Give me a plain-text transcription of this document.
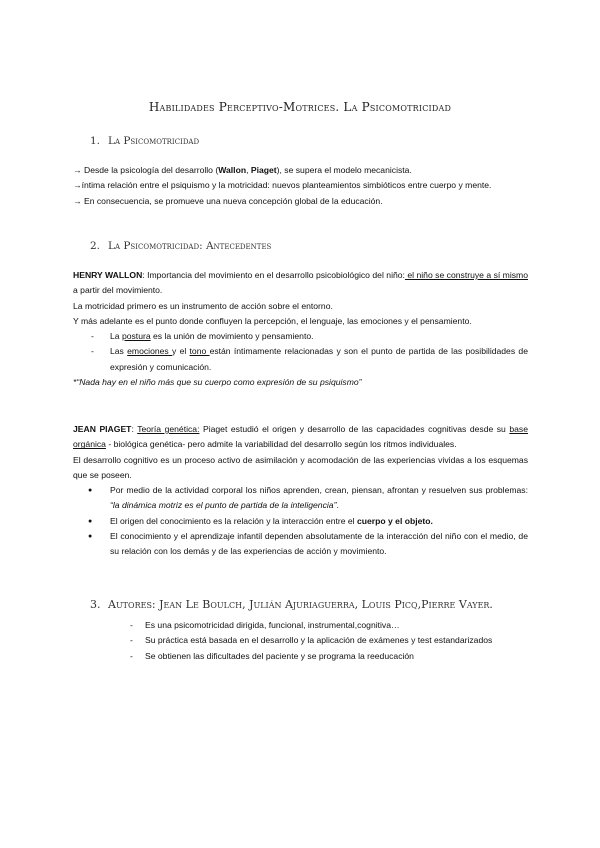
Habilidades Perceptivo-Motrices. La Psicomotricidad
1. La Psicomotricidad

→ Desde la psicología del desarrollo (Wallon, Piaget), se supera el modelo mecanicista.

→íntima relación entre el psiquismo y la motricidad: nuevos planteamientos simbióticos entre cuerpo y mente.

→ En consecuencia, se promueve una nueva concepción global de la educación.

2. La Psicomotricidad: Antecedentes

HENRY WALLON: Importancia del movimiento en el desarrollo psicobiológico del niño: el niño se construye a sí mismo a partir del movimiento.

La motricidad primero es un instrumento de acción sobre el entorno.

Y más adelante es el punto donde confluyen la percepción, el lenguaje, las emociones y el pensamiento.

- La postura es la unión de movimiento y pensamiento.
- Las emociones y el tono están íntimamente relacionadas y son el punto de partida de las posibilidades de expresión y comunicación.

*“Nada hay en el niño más que su cuerpo como expresión de su psiquismo”

JEAN PIAGET: Teoría genética: Piaget estudió el origen y desarrollo de las capacidades cognitivas desde su base orgánica - biológica genética- pero admite la variabilidad del desarrollo según los ritmos individuales.

El desarrollo cognitivo es un proceso activo de asimilación y acomodación de las experiencias vividas a los esquemas que se poseen.

● Por medio de la actividad corporal los niños aprenden, crean, piensan, afrontan y resuelven sus problemas: “la dinámica motriz es el punto de partida de la inteligencia”.
● El origen del conocimiento es la relación y la interacción entre el cuerpo y el objeto.
● El conocimiento y el aprendizaje infantil dependen absolutamente de la interacción del niño con el medio, de su relación con los demás y de las experiencias de acción y movimiento.
3. Autores: Jean Le Boulch, Julián Ajuriaguerra, Louis Picq,Pierre Vayer.
- Es una psicomotricidad dirigida, funcional, instrumental,cognitiva…
- Su práctica está basada en el desarrollo y la aplicación de exámenes y test estandarizados
- Se obtienen las dificultades del paciente y se programa la reeducación
